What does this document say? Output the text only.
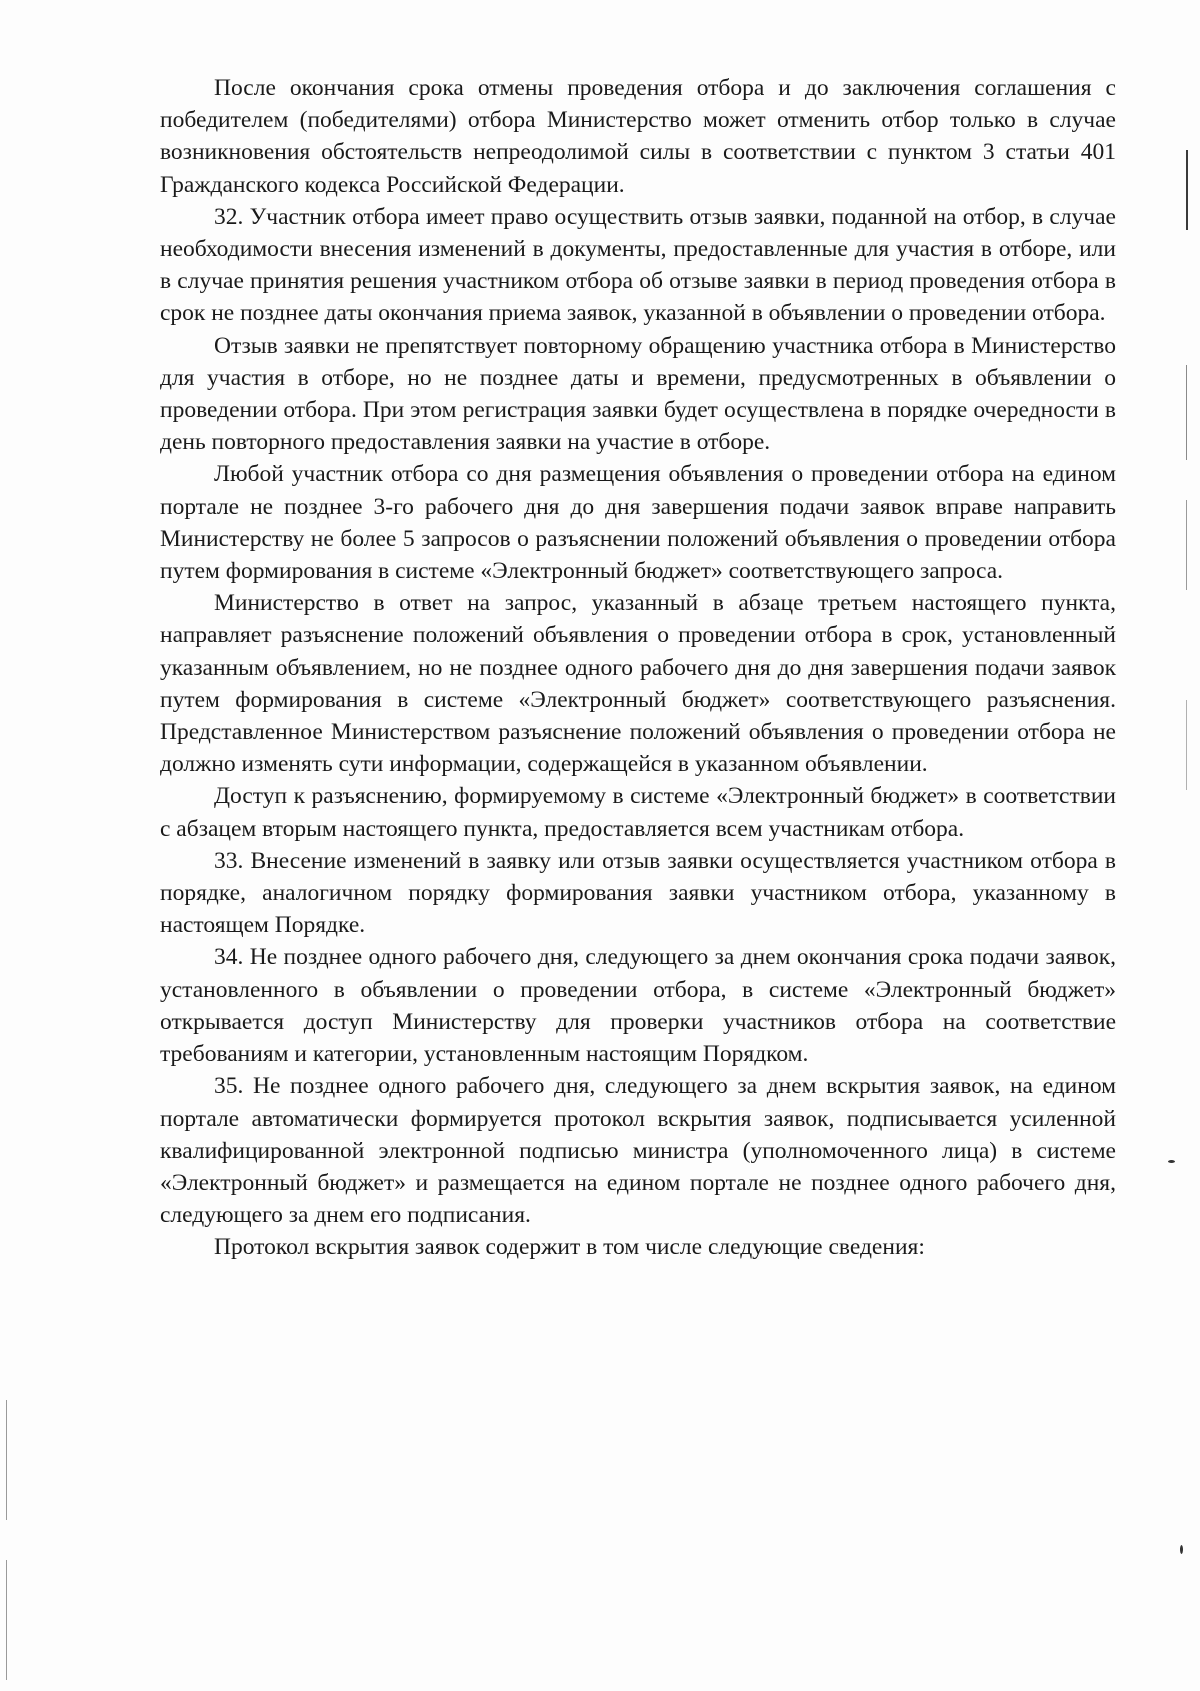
После окончания срока отмены проведения отбора и до заключения соглашения с победителем (победителями) отбора Министерство может отменить отбор только в случае возникновения обстоятельств непреодолимой силы в соответствии с пунктом 3 статьи 401 Гражданского кодекса Российской Федерации.

32. Участник отбора имеет право осуществить отзыв заявки, поданной на отбор, в случае необходимости внесения изменений в документы, предоставленные для участия в отборе, или в случае принятия решения участником отбора об отзыве заявки в период проведения отбора в срок не позднее даты окончания приема заявок, указанной в объявлении о проведении отбора.

Отзыв заявки не препятствует повторному обращению участника отбора в Министерство для участия в отборе, но не позднее даты и времени, предусмотренных в объявлении о проведении отбора. При этом регистрация заявки будет осуществлена в порядке очередности в день повторного предоставления заявки на участие в отборе.

Любой участник отбора со дня размещения объявления о проведении отбора на едином портале не позднее 3-го рабочего дня до дня завершения подачи заявок вправе направить Министерству не более 5 запросов о разъяснении положений объявления о проведении отбора путем формирования в системе «Электронный бюджет» соответствующего запроса.

Министерство в ответ на запрос, указанный в абзаце третьем настоящего пункта, направляет разъяснение положений объявления о проведении отбора в срок, установленный указанным объявлением, но не позднее одного рабочего дня до дня завершения подачи заявок путем формирования в системе «Электронный бюджет» соответствующего разъяснения. Представленное Министерством разъяснение положений объявления о проведении отбора не должно изменять сути информации, содержащейся в указанном объявлении.

Доступ к разъяснению, формируемому в системе «Электронный бюджет» в соответствии с абзацем вторым настоящего пункта, предоставляется всем участникам отбора.

33. Внесение изменений в заявку или отзыв заявки осуществляется участником отбора в порядке, аналогичном порядку формирования заявки участником отбора, указанному в настоящем Порядке.

34. Не позднее одного рабочего дня, следующего за днем окончания срока подачи заявок, установленного в объявлении о проведении отбора, в системе «Электронный бюджет» открывается доступ Министерству для проверки участников отбора на соответствие требованиям и категории, установленным настоящим Порядком.

35. Не позднее одного рабочего дня, следующего за днем вскрытия заявок, на едином портале автоматически формируется протокол вскрытия заявок, подписывается усиленной квалифицированной электронной подписью министра (уполномоченного лица) в системе «Электронный бюджет» и размещается на едином портале не позднее одного рабочего дня, следующего за днем его подписания.

Протокол вскрытия заявок содержит в том числе следующие сведения:
